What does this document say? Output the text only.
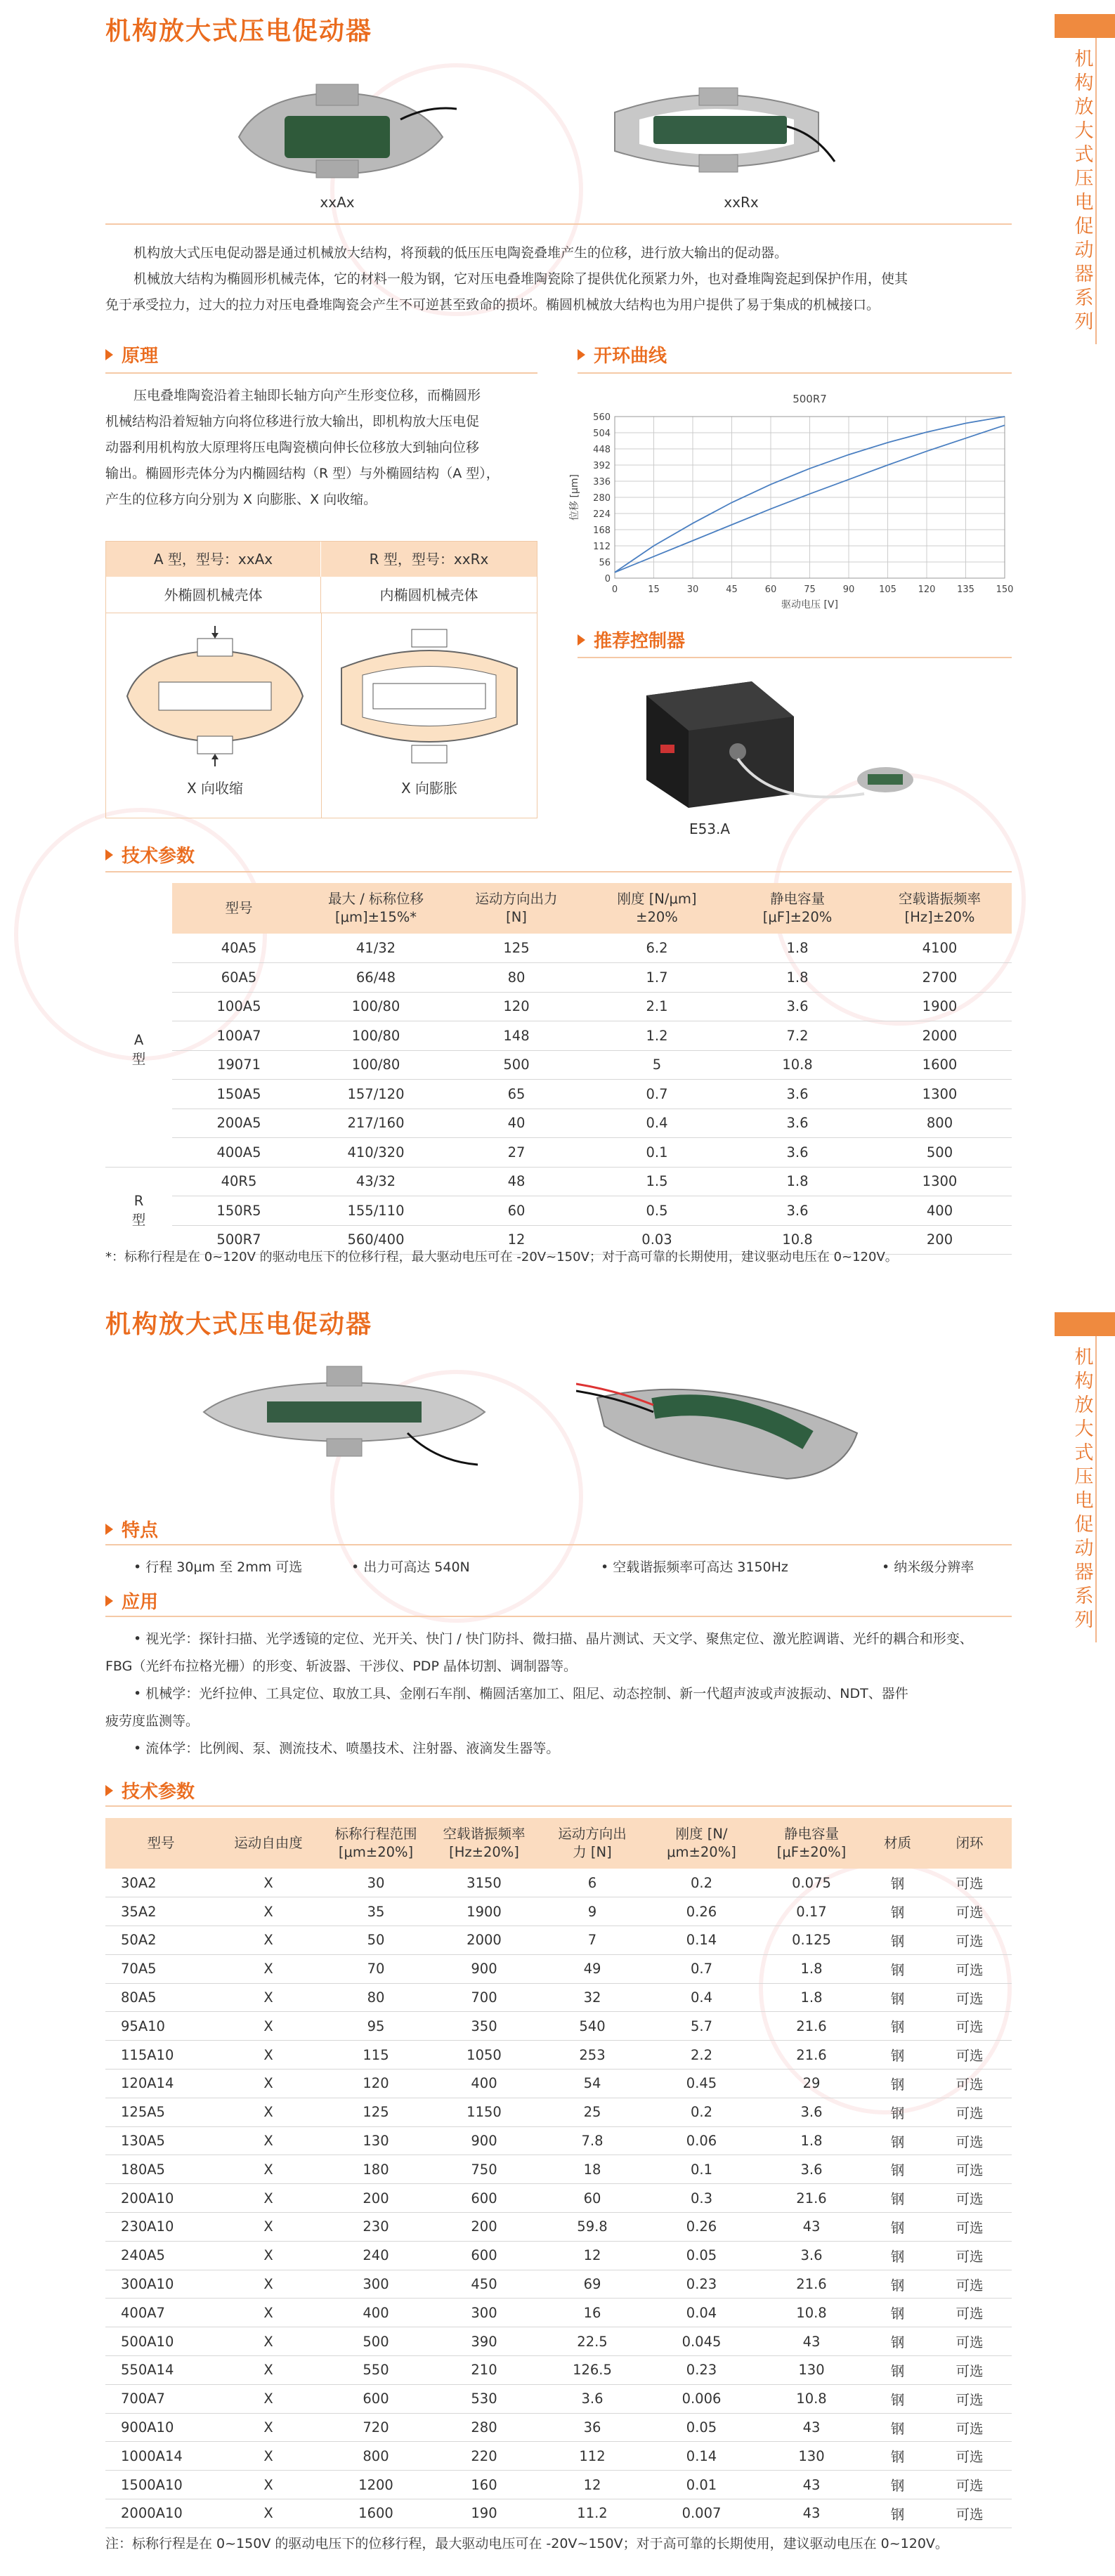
机构放大式压电促动器系列
机构放大式压电促动器系列
机构放大式压电促动器
xxAx	xxRx
机构放大式压电促动器是通过机械放大结构，将预载的低压压电陶瓷叠堆产生的位移，进行放大输出的促动器。
机械放大结构为椭圆形机械壳体，它的材料一般为钢，它对压电叠堆陶瓷除了提供优化预紧力外，也对叠堆陶瓷起到保护作用，使其
免于承受拉力，过大的拉力对压电叠堆陶瓷会产生不可逆甚至致命的损坏。椭圆机械放大结构也为用户提供了易于集成的机械接口。
原理
压电叠堆陶瓷沿着主轴即长轴方向产生形变位移，而椭圆形
机械结构沿着短轴方向将位移进行放大输出，即机构放大压电促
动器利用机构放大原理将压电陶瓷横向伸长位移放大到轴向位移
输出。椭圆形壳体分为内椭圆结构（R 型）与外椭圆结构（A 型），
产生的位移方向分别为 X 向膨胀、X 向收缩。
A 型，型号：xxAx	R 型，型号：xxRx
外椭圆机械壳体	内椭圆机械壳体
X 向收缩	X 向膨胀
开环曲线
500R7
0
56
112
168
224
280
336
392
448
504
560
0	15	30	45	60	75	90	105 120 135 150
驱动电压 [V]
位移 [μm]
推荐控制器
E53.A
技术参数
	型号	最大 / 标称位移 [μm]±15%*	运动方向出力 [N]	刚度 [N/μm]±20%	静电容量 [μF]±20%	空载谐振频率 [Hz]±20%
A 型	40A5	41/32	125	6.2	1.8	4100
	60A5	66/48	80	1.7	1.8	2700
	100A5	100/80	120	2.1	3.6	1900
	100A7	100/80	148	1.2	7.2	2000
	19071	100/80	500	5	10.8	1600
	150A5	157/120	65	0.7	3.6	1300
	200A5	217/160	40	0.4	3.6	800
	400A5	410/320	27	0.1	3.6	500
R 型	40R5	43/32	48	1.5	1.8	1300
	150R5	155/110	60	0.5	3.6	400
	500R7	560/400	12	0.03	10.8	200
*：标称行程是在 0~120V 的驱动电压下的位移行程，最大驱动电压可在 -20V~150V；对于高可靠的长期使用，建议驱动电压在 0~120V。
机构放大式压电促动器
特点
• 行程 30μm 至 2mm 可选	• 出力可高达 540N	• 空载谐振频率可高达 3150Hz	• 纳米级分辨率
应用
• 视光学：探针扫描、光学透镜的定位、光开关、快门 / 快门防抖、微扫描、晶片测试、天文学、聚焦定位、激光腔调谐、光纤的耦合和形变、
FBG（光纤布拉格光栅）的形变、斩波器、干涉仪、PDP 晶体切割、调制器等。
• 机械学：光纤拉伸、工具定位、取放工具、金刚石车削、椭圆活塞加工、阻尼、动态控制、新一代超声波或声波振动、NDT、器件
疲劳度监测等。
• 流体学：比例阀、泵、测流技术、喷墨技术、注射器、液滴发生器等。
技术参数
型号	运动自由度	标称行程范围 [μm±20%]	空载谐振频率 [Hz±20%]	运动方向出力 [N]	刚度 [N/μm±20%]	静电容量 [μF±20%]	材质	闭环
30A2	X	30	3150	6	0.2	0.075	钢	可选
35A2	X	35	1900	9	0.26	0.17	钢	可选
50A2	X	50	2000	7	0.14	0.125	钢	可选
70A5	X	70	900	49	0.7	1.8	钢	可选
80A5	X	80	700	32	0.4	1.8	钢	可选
95A10	X	95	350	540	5.7	21.6	钢	可选
115A10	X	115	1050	253	2.2	21.6	钢	可选
120A14	X	120	400	54	0.45	29	钢	可选
125A5	X	125	1150	25	0.2	3.6	钢	可选
130A5	X	130	900	7.8	0.06	1.8	钢	可选
180A5	X	180	750	18	0.1	3.6	钢	可选
200A10	X	200	600	60	0.3	21.6	钢	可选
230A10	X	230	200	59.8	0.26	43	钢	可选
240A5	X	240	600	12	0.05	3.6	钢	可选
300A10	X	300	450	69	0.23	21.6	钢	可选
400A7	X	400	300	16	0.04	10.8	钢	可选
500A10	X	500	390	22.5	0.045	43	钢	可选
550A14	X	550	210	126.5	0.23	130	钢	可选
700A7	X	600	530	3.6	0.006	10.8	钢	可选
900A10	X	720	280	36	0.05	43	钢	可选
1000A14	X	800	220	112	0.14	130	钢	可选
1500A10	X	1200	160	12	0.01	43	钢	可选
2000A10	X	1600	190	11.2	0.007	43	钢	可选
注：标称行程是在 0~150V 的驱动电压下的位移行程，最大驱动电压可在 -20V~150V；对于高可靠的长期使用，建议驱动电压在 0~120V。
